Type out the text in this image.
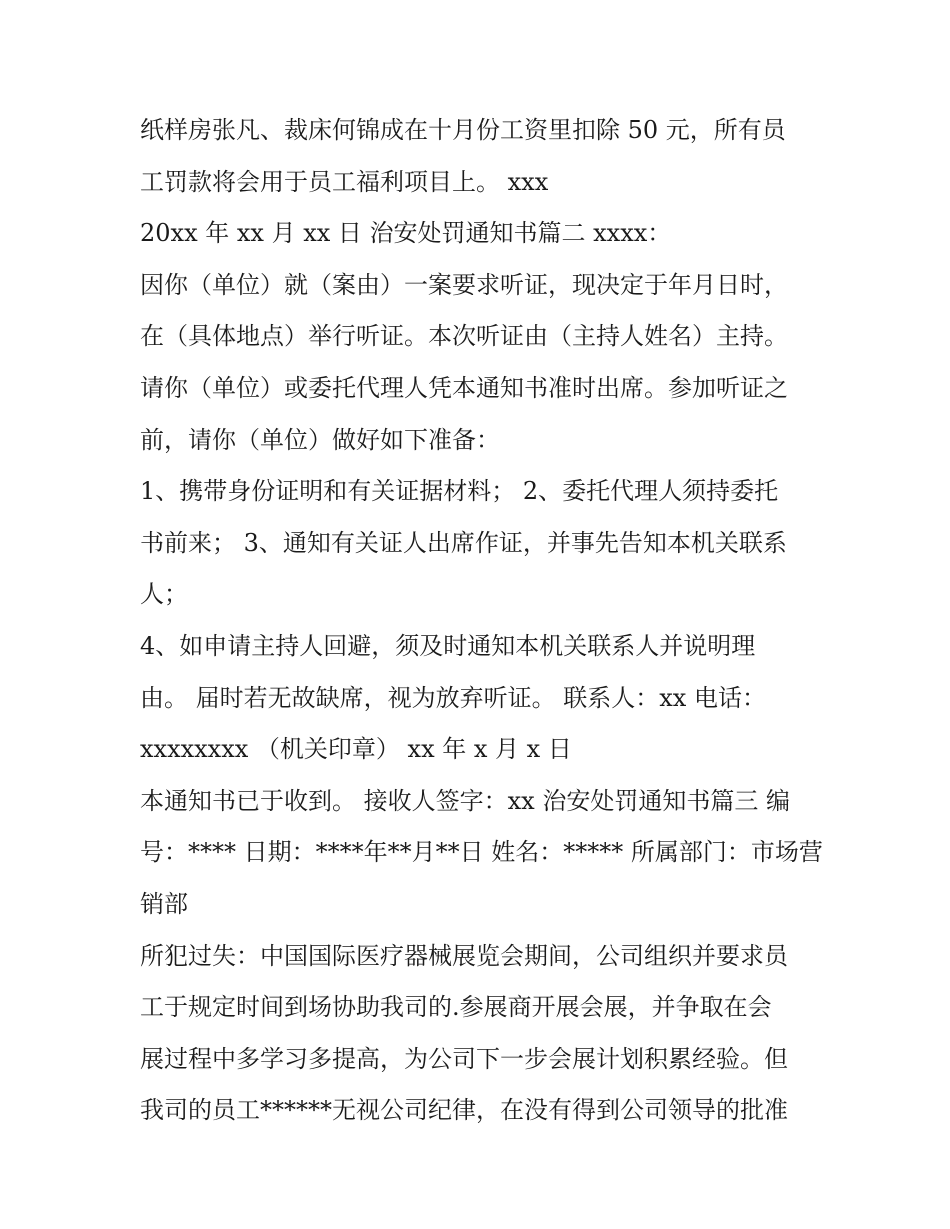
纸样房张凡、裁床何锦成在十月份工资里扣除 50 元，所有员
工罚款将会用于员工福利项目上。 xxx
20xx 年 xx 月 xx 日 治安处罚通知书篇二 xxxx：
因你（单位）就（案由）一案要求听证，现决定于年月日时，
在（具体地点）举行听证。本次听证由（主持人姓名）主持。
请你（单位）或委托代理人凭本通知书准时出席。参加听证之
前，请你（单位）做好如下准备：
1、携带身份证明和有关证据材料； 2、委托代理人须持委托
书前来； 3、通知有关证人出席作证，并事先告知本机关联系
人；
4、如申请主持人回避，须及时通知本机关联系人并说明理
由。 届时若无故缺席，视为放弃听证。 联系人：xx 电话：
xxxxxxxx （机关印章） xx 年 x 月 x 日
本通知书已于收到。 接收人签字：xx 治安处罚通知书篇三 编
号：**** 日期：****年**月**日 姓名：***** 所属部门：市场营
销部
所犯过失：中国国际医疗器械展览会期间，公司组织并要求员
工于规定时间到场协助我司的.参展商开展会展，并争取在会
展过程中多学习多提高，为公司下一步会展计划积累经验。但
我司的员工******无视公司纪律，在没有得到公司领导的批准
